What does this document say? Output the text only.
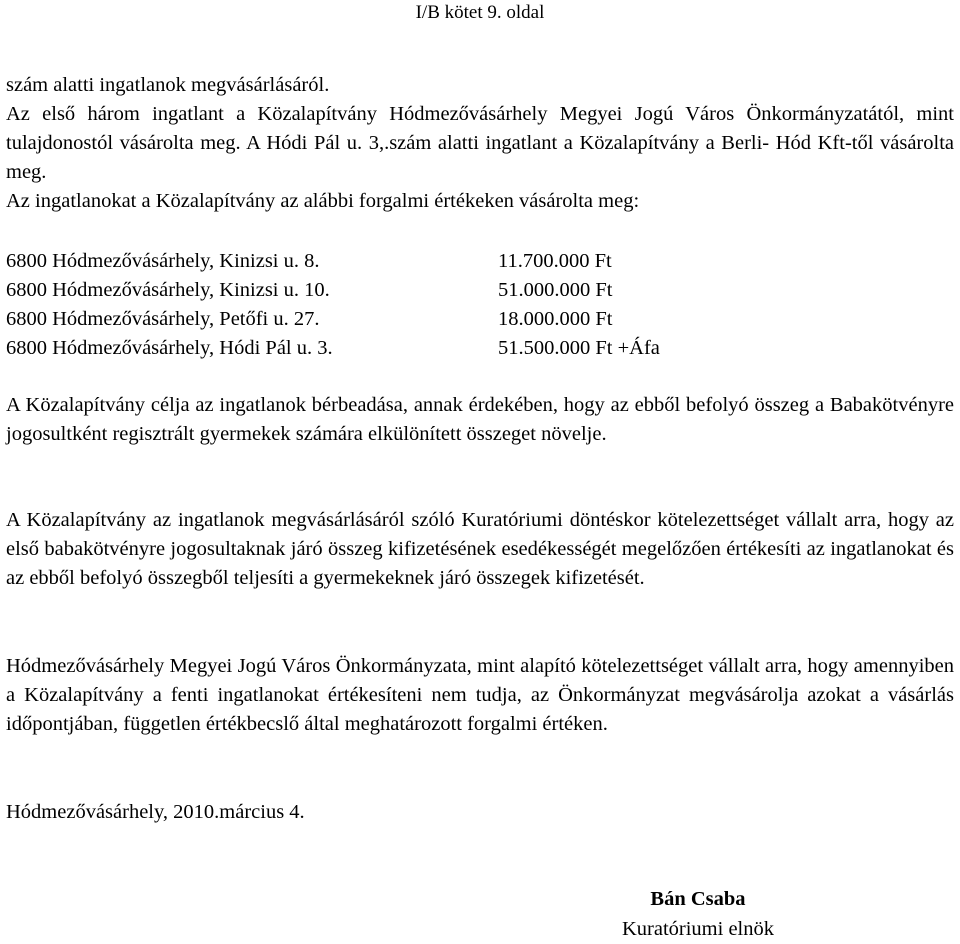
I/B kötet 9. oldal

szám alatti ingatlanok megvásárlásáról.

Az első három ingatlant a Közalapítvány Hódmezővásárhely Megyei Jogú Város Önkormányzatától, mint tulajdonostól vásárolta meg. A Hódi Pál u. 3,.szám alatti ingatlant a Közalapítvány a Berli- Hód Kft-től vásárolta meg.

Az ingatlanokat a Közalapítvány az alábbi forgalmi értékeken vásárolta meg:

6800 Hódmezővásárhely, Kinizsi u. 8.	11.700.000 Ft
6800 Hódmezővásárhely, Kinizsi u. 10.	51.000.000 Ft
6800 Hódmezővásárhely, Petőfi u. 27.	18.000.000 Ft
6800 Hódmezővásárhely, Hódi Pál u. 3.	51.500.000 Ft +Áfa
A Közalapítvány célja az ingatlanok bérbeadása, annak érdekében, hogy az ebből befolyó összeg a Babakötvényre jogosultként regisztrált gyermekek számára elkülönített összeget növelje.
A Közalapítvány az ingatlanok megvásárlásáról szóló Kuratóriumi döntéskor kötelezettséget vállalt arra, hogy az első babakötvényre jogosultaknak járó összeg kifizetésének esedékességét megelőzően értékesíti az ingatlanokat és az ebből befolyó összegből teljesíti a gyermekeknek járó összegek kifizetését.
Hódmezővásárhely Megyei Jogú Város Önkormányzata, mint alapító kötelezettséget vállalt arra, hogy amennyiben a Közalapítvány a fenti ingatlanokat értékesíteni nem tudja, az Önkormányzat megvásárolja azokat a vásárlás időpontjában, független értékbecslő által meghatározott forgalmi értéken.
Hódmezővásárhely, 2010.március 4.
Bán Csaba
Kuratóriumi elnök
